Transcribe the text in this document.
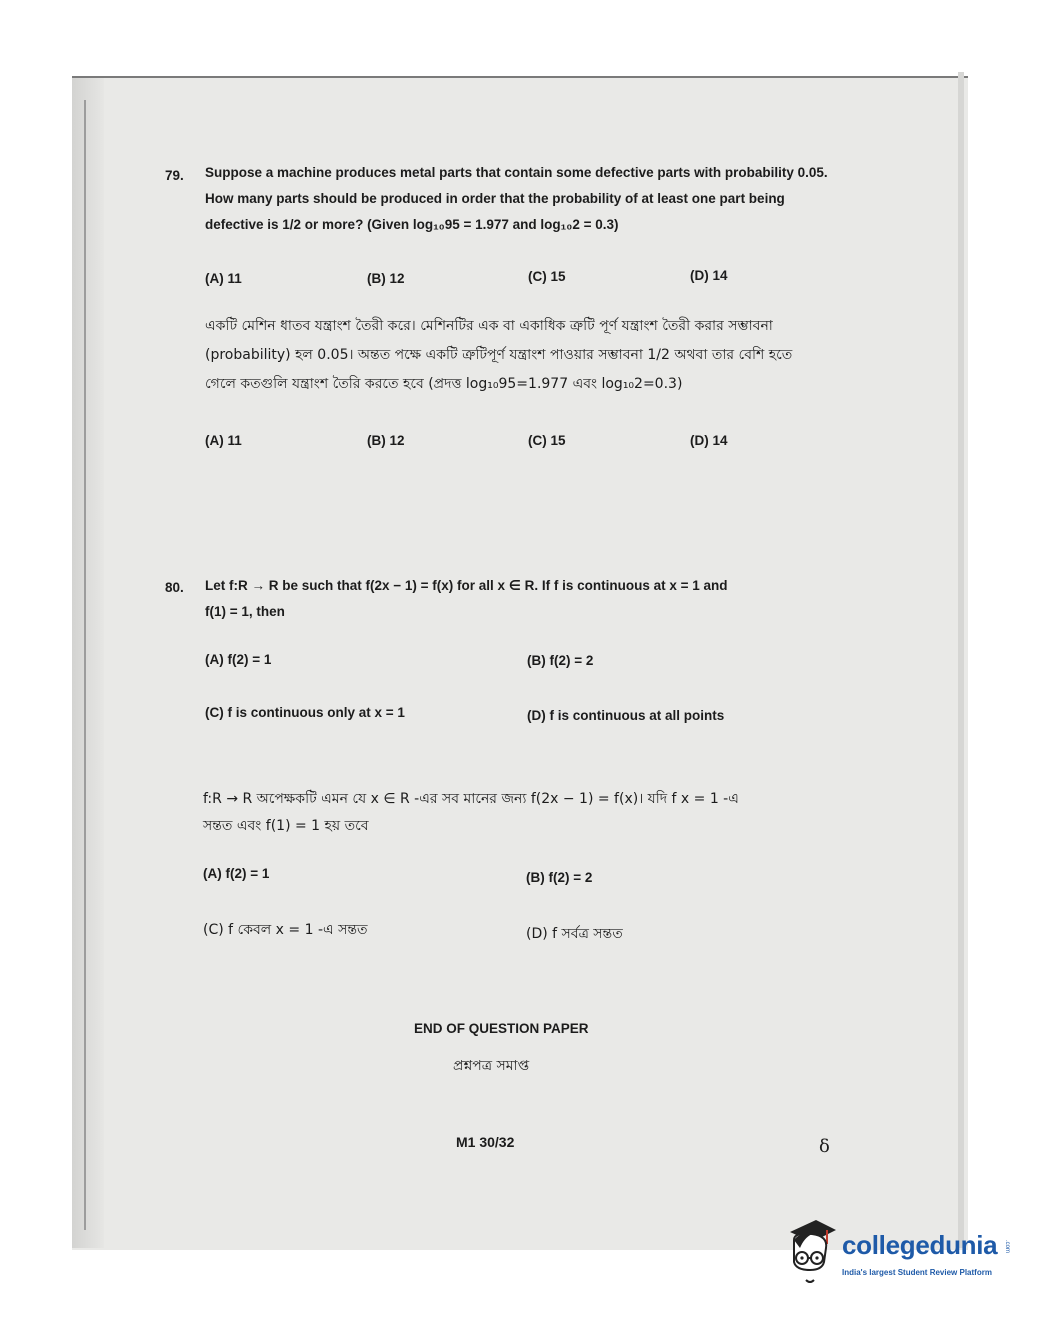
79. Suppose a machine produces metal parts that contain some defective parts with probability 0.05.
How many parts should be produced in order that the probability of at least one part being
defective is 1/2 or more? (Given log₁₀95 = 1.977 and log₁₀2 = 0.3)
(A) 11	(B) 12	(C) 15	(D) 14
একটি মেশিন ধাতব যন্ত্রাংশ তৈরী করে। মেশিনটির এক বা একাধিক ত্রুটি পূর্ণ যন্ত্রাংশ তৈরী করার সম্ভাবনা
(probability) হল 0.05। অন্তত পক্ষে একটি ত্রুটিপূর্ণ যন্ত্রাংশ পাওয়ার সম্ভাবনা 1/2 অথবা তার বেশি হতে
গেলে কতগুলি যন্ত্রাংশ তৈরি করতে হবে (প্রদত্ত log₁₀95=1.977 এবং log₁₀2=0.3)
(A) 11	(B) 12	(C) 15	(D) 14
80. Let f:R → R be such that f(2x − 1) = f(x) for all x ∈ R. If f is continuous at x = 1 and
f(1) = 1, then
(A) f(2) = 1	(B) f(2) = 2
(C) f is continuous only at x = 1	(D) f is continuous at all points
f:R → R অপেক্ষকটি এমন যে x ∈ R -এর সব মানের জন্য f(2x − 1) = f(x)। যদি f x = 1 -এ
সন্তত এবং f(1) = 1 হয় তবে
(A) f(2) = 1	(B) f(2) = 2
(C) f কেবল x = 1 -এ সন্তত	(D) f সর্বত্র সন্তত
END OF QUESTION PAPER
প্রশ্নপত্র সমাপ্ত
M1 30/32	δ
collegedunia .com
India's largest Student Review Platform
